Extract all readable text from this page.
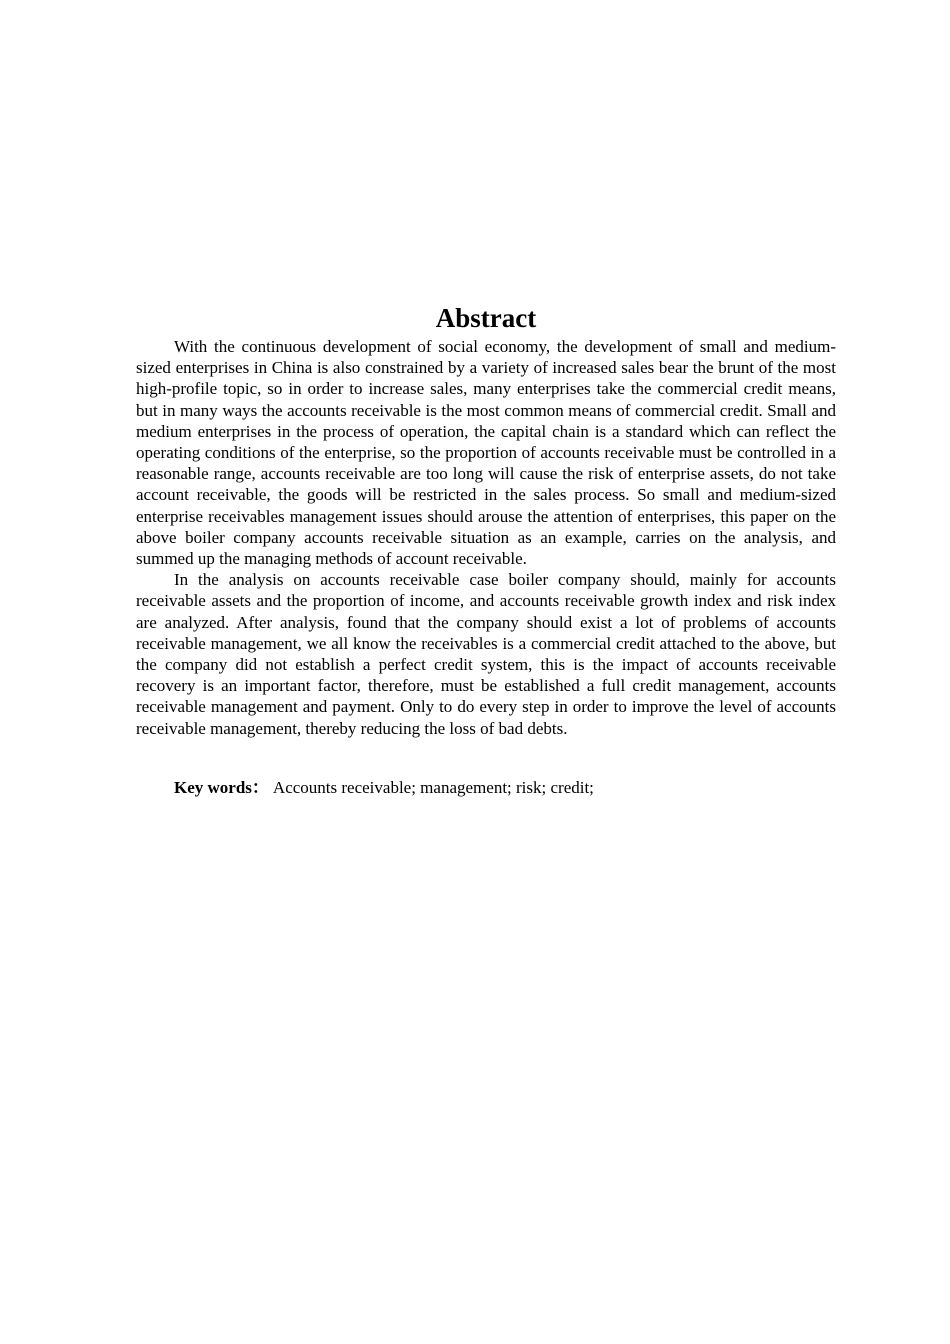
Abstract

With the continuous development of social economy, the development of small and medium-sized enterprises in China is also constrained by a variety of increased sales bear the brunt of the most high-profile topic, so in order to increase sales, many enterprises take the commercial credit means, but in many ways the accounts receivable is the most common means of commercial credit. Small and medium enterprises in the process of operation, the capital chain is a standard which can reflect the operating conditions of the enterprise, so the proportion of accounts receivable must be controlled in a reasonable range, accounts receivable are too long will cause the risk of enterprise assets, do not take account receivable, the goods will be restricted in the sales process. So small and medium-sized enterprise receivables management issues should arouse the attention of enterprises, this paper on the above boiler company accounts receivable situation as an example, carries on the analysis, and summed up the managing methods of account receivable.

In the analysis on accounts receivable case boiler company should, mainly for accounts receivable assets and the proportion of income, and accounts receivable growth index and risk index are analyzed. After analysis, found that the company should exist a lot of problems of accounts receivable management, we all know the receivables is a commercial credit attached to the above, but the company did not establish a perfect credit system, this is the impact of accounts receivable recovery is an important factor, therefore, must be established a full credit management, accounts receivable management and payment. Only to do every step in order to improve the level of accounts receivable management, thereby reducing the loss of bad debts.

Key words： Accounts receivable; management; risk; credit;
